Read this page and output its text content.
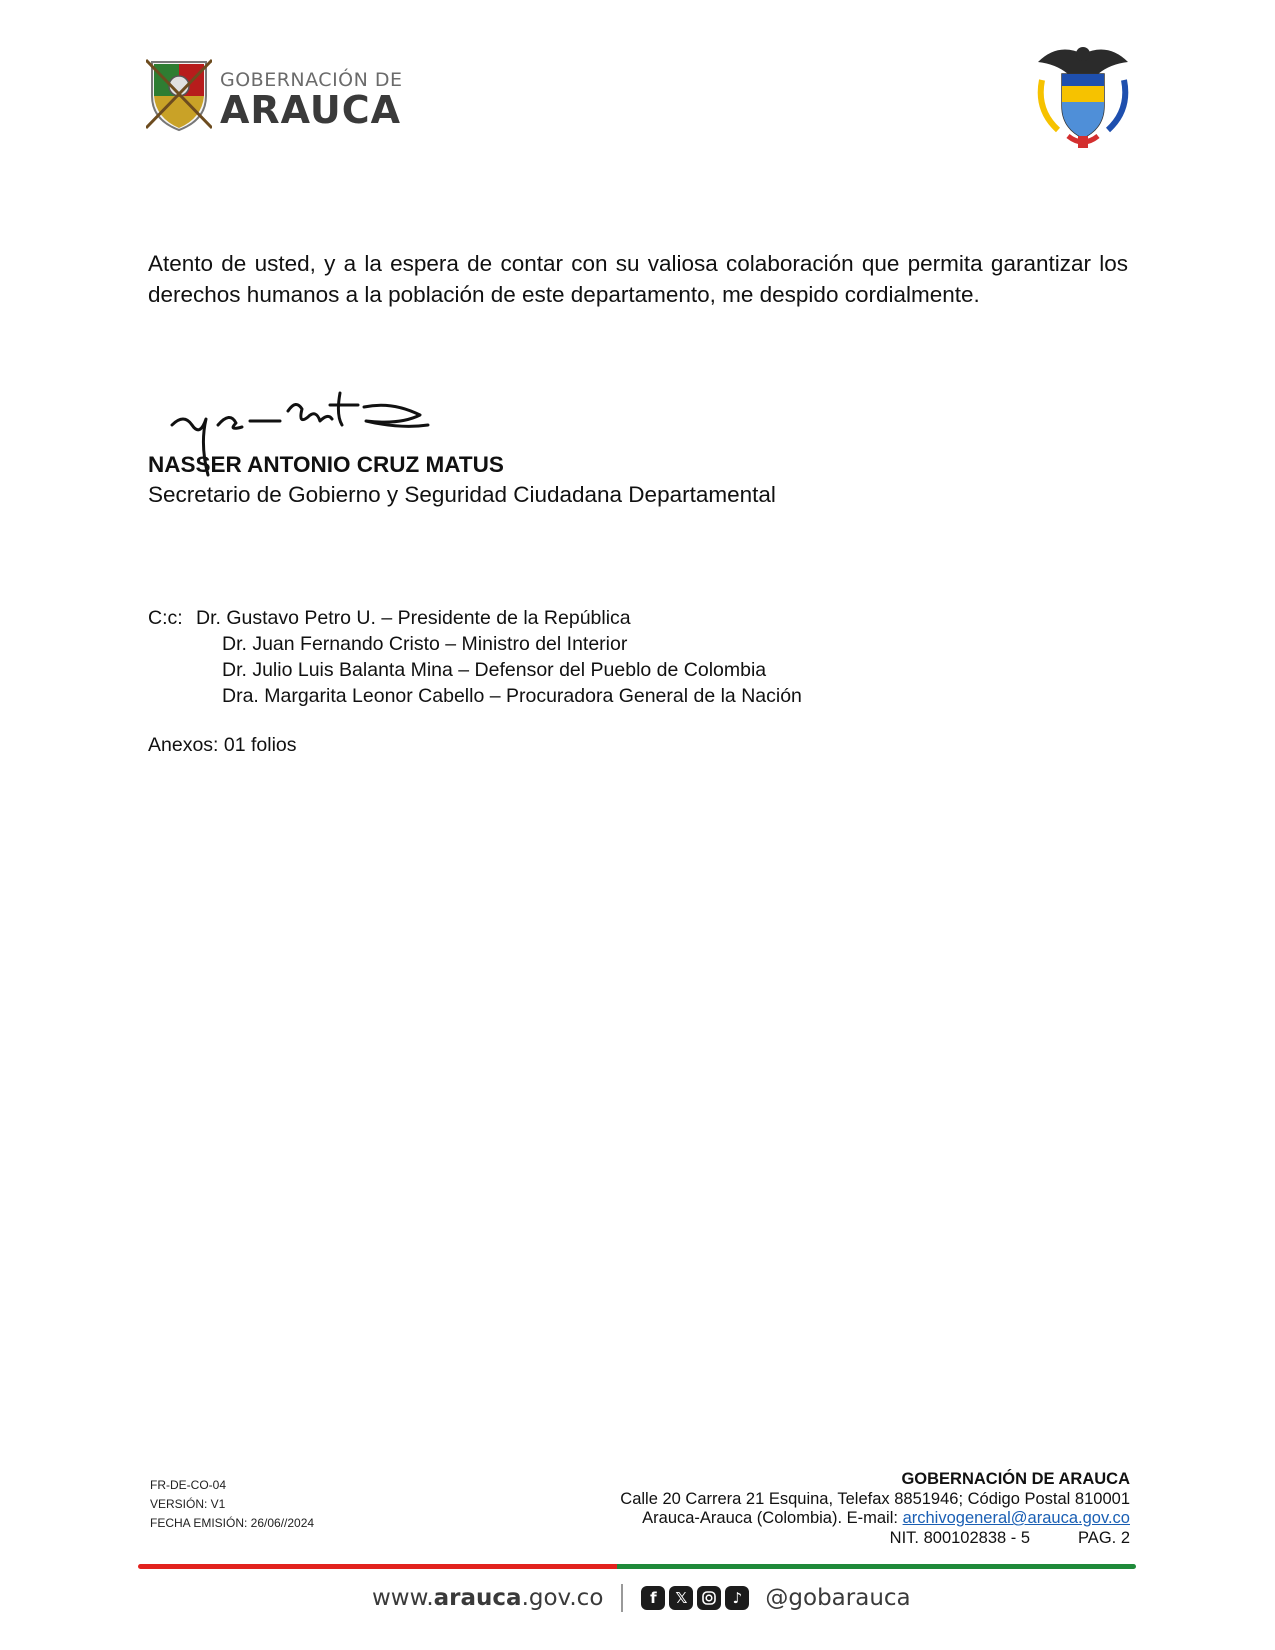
GOBERNACIÓN DE
ARAUCA

Atento de usted, y a la espera de contar con su valiosa colaboración que permita garantizar los derechos humanos a la población de este departamento, me despido cordialmente.

NASSER ANTONIO CRUZ MATUS
Secretario de Gobierno y Seguridad Ciudadana Departamental
C:c: Dr. Gustavo Petro U. – Presidente de la República
Dr. Juan Fernando Cristo – Ministro del Interior
Dr. Julio Luis Balanta Mina – Defensor del Pueblo de Colombia
Dra. Margarita Leonor Cabello – Procuradora General de la Nación
Anexos: 01 folios
FR-DE-CO-04
VERSIÓN: V1
FECHA EMISIÓN: 26/06//2024
GOBERNACIÓN DE ARAUCA
Calle 20 Carrera 21 Esquina, Telefax 8851946; Código Postal 810001
Arauca-Arauca (Colombia). E-mail: archivogeneral@arauca.gov.co
NIT. 800102838 - 5	PAG. 2
www.arauca.gov.co	f	𝕏	♪	@gobarauca
